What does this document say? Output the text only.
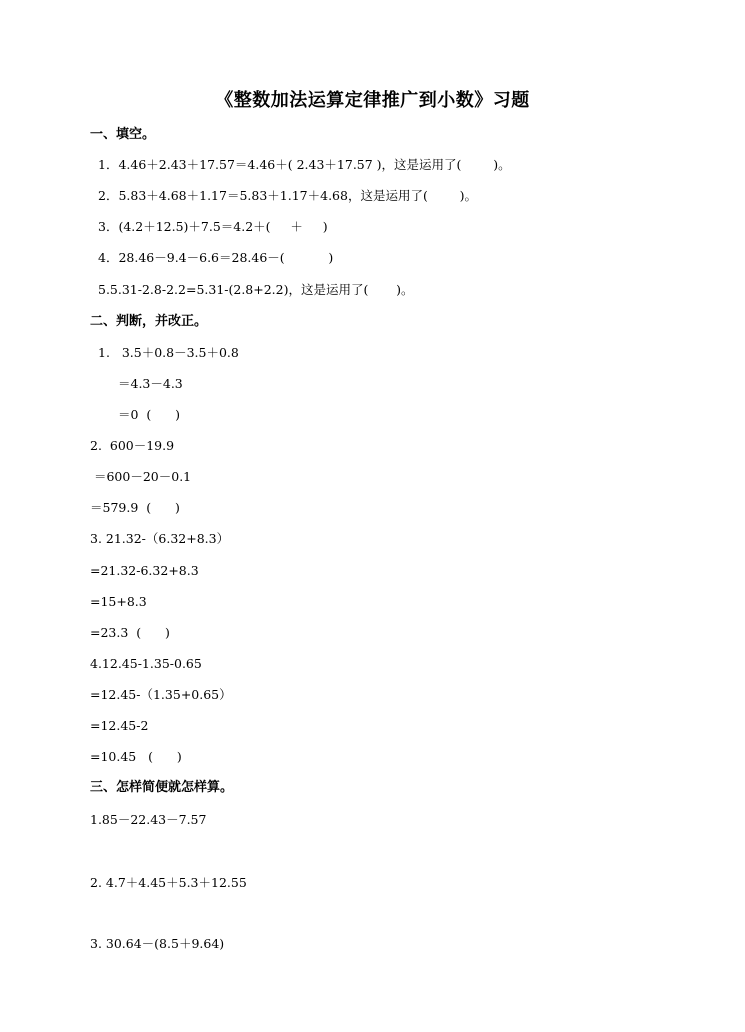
《整数加法运算定律推广到小数》习题
一、填空。
1．4.46＋2.43＋17.57＝4.46＋( 2.43＋17.57 )，这是运用了(        )。
2．5.83＋4.68＋1.17＝5.83＋1.17＋4.68，这是运用了(        )。
3．(4.2＋12.5)＋7.5＝4.2＋(     ＋     )
4．28.46－9.4－6.6＝28.46－(           )
5.5.31-2.8-2.2=5.31-(2.8+2.2)，这是运用了(       )。
二、判断，并改正。
1.   3.5＋0.8－3.5＋0.8
＝4.3－4.3
＝0  (      )
2.  600－19.9
＝600－20－0.1
＝579.9  (      )
3. 21.32-（6.32+8.3）
=21.32-6.32+8.3
=15+8.3
=23.3  (      )
4.12.45-1.35-0.65
=12.45-（1.35+0.65）
=12.45-2
=10.45   (      )
三、怎样简便就怎样算。
1.85－22.43－7.57
2. 4.7＋4.45＋5.3＋12.55
3. 30.64－(8.5＋9.64)
